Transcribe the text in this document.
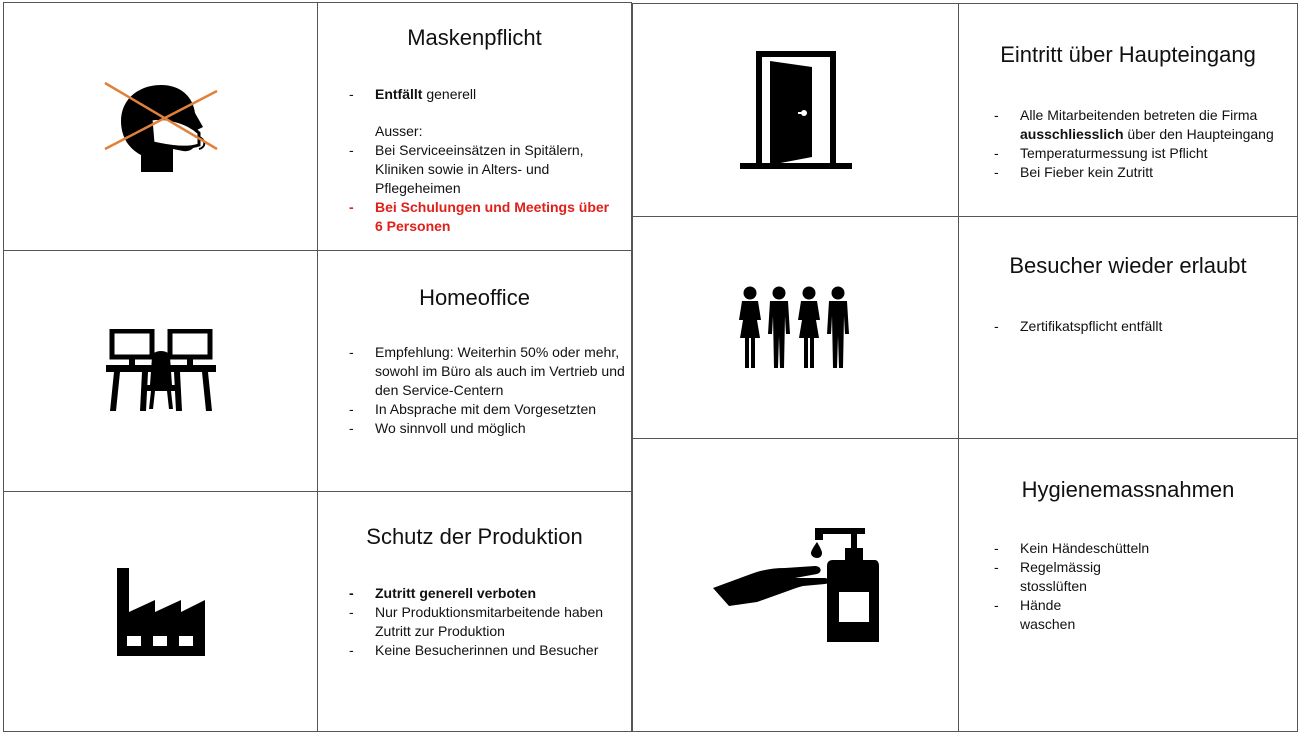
Maskenpflicht
- Entfällt generell
Ausser:
- Bei Serviceeinsätzen in Spitälern, Kliniken sowie in Alters- und Pflegeheimen
- Bei Schulungen und Meetings über 6 Personen
Homeoffice
- Empfehlung: Weiterhin 50% oder mehr, sowohl im Büro als auch im Vertrieb und den Service-Centern
- In Absprache mit dem Vorgesetzten
- Wo sinnvoll und möglich
Schutz der Produktion
- Zutritt generell verboten
- Nur Produktionsmitarbeitende haben Zutritt zur Produktion
- Keine Besucherinnen und Besucher
Eintritt über Haupteingang
- Alle Mitarbeitenden betreten die Firma ausschliesslich über den Haupteingang
- Temperaturmessung ist Pflicht
- Bei Fieber kein Zutritt
Besucher wieder erlaubt
- Zertifikatspflicht entfällt
Hygienemassnahmen
- Kein Händeschütteln
- Regelmässig stosslüften
- Hände waschen
